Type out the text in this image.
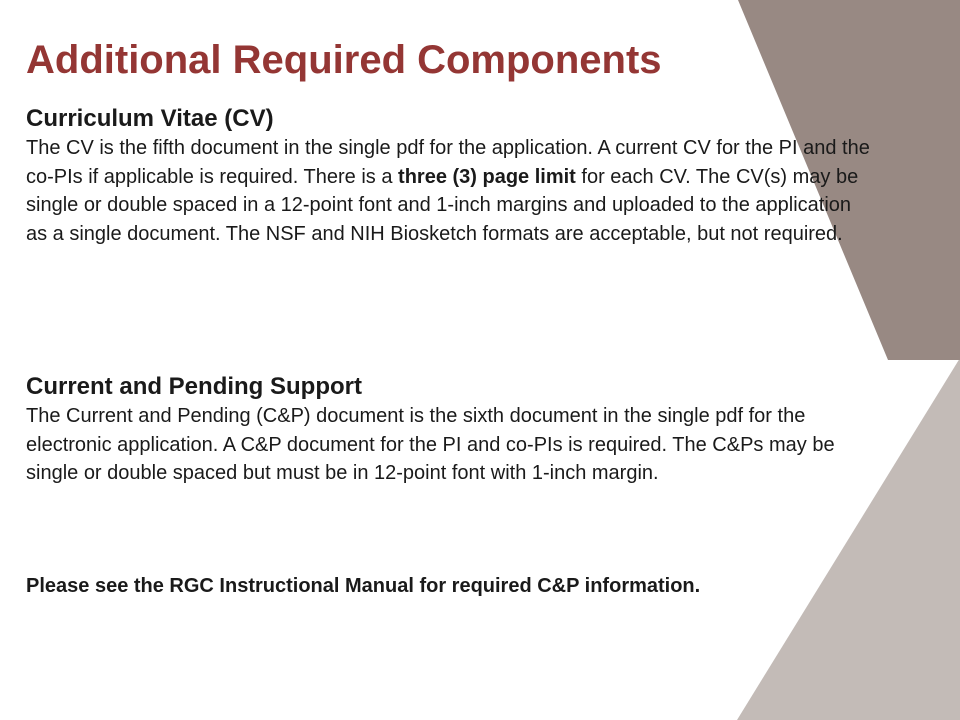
Additional Required Components
Curriculum Vitae (CV)

The CV is the fifth document in the single pdf for the application. A current CV for the PI and the co-PIs if applicable is required. There is a three (3) page limit for each CV. The CV(s) may be single or double spaced in a 12-point font and 1-inch margins and uploaded to the application as a single document. The NSF and NIH Biosketch formats are acceptable, but not required.

Current and Pending Support

The Current and Pending (C&P) document is the sixth document in the single pdf for the electronic application. A C&P document for the PI and co-PIs is required. The C&Ps may be single or double spaced but must be in 12-point font with 1-inch margin.

Please see the RGC Instructional Manual for required C&P information.
